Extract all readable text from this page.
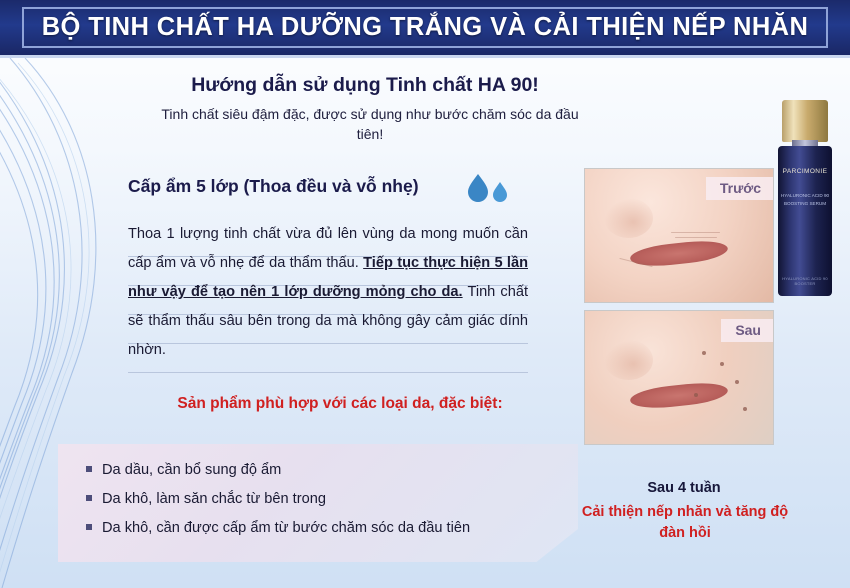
BỘ TINH CHẤT HA DƯỠNG TRẮNG VÀ CẢI THIỆN NẾP NHĂN
Hướng dẫn sử dụng Tinh chất HA 90!
Tinh chất siêu đậm đặc, được sử dụng như bước chăm sóc da đầu tiên!
Cấp ẩm 5 lớp (Thoa đều và vỗ nhẹ)

Thoa 1 lượng tinh chất vừa đủ lên vùng da mong muốn cần cấp ẩm và vỗ nhẹ để da thẩm thấu. Tiếp tục thực hiện 5 lần như vậy để tạo nên 1 lớp dưỡng mỏng cho da. Tinh chất sẽ thẩm thấu sâu bên trong da mà không gây cảm giác dính nhờn.

Sản phẩm phù hợp với các loại da, đặc biệt:
Da dầu, cần bổ sung độ ẩm
Da khô, làm săn chắc từ bên trong
Da khô, cần được cấp ẩm từ bước chăm sóc da đầu tiên
Trước
Sau
Sau 4 tuần
Cải thiện nếp nhăn và tăng độ đàn hồi
PARCIMONIE
HYALURONIC ACID 90
BOOSTING SERUM
HYALURONIC ACID 90 BOOSTER
